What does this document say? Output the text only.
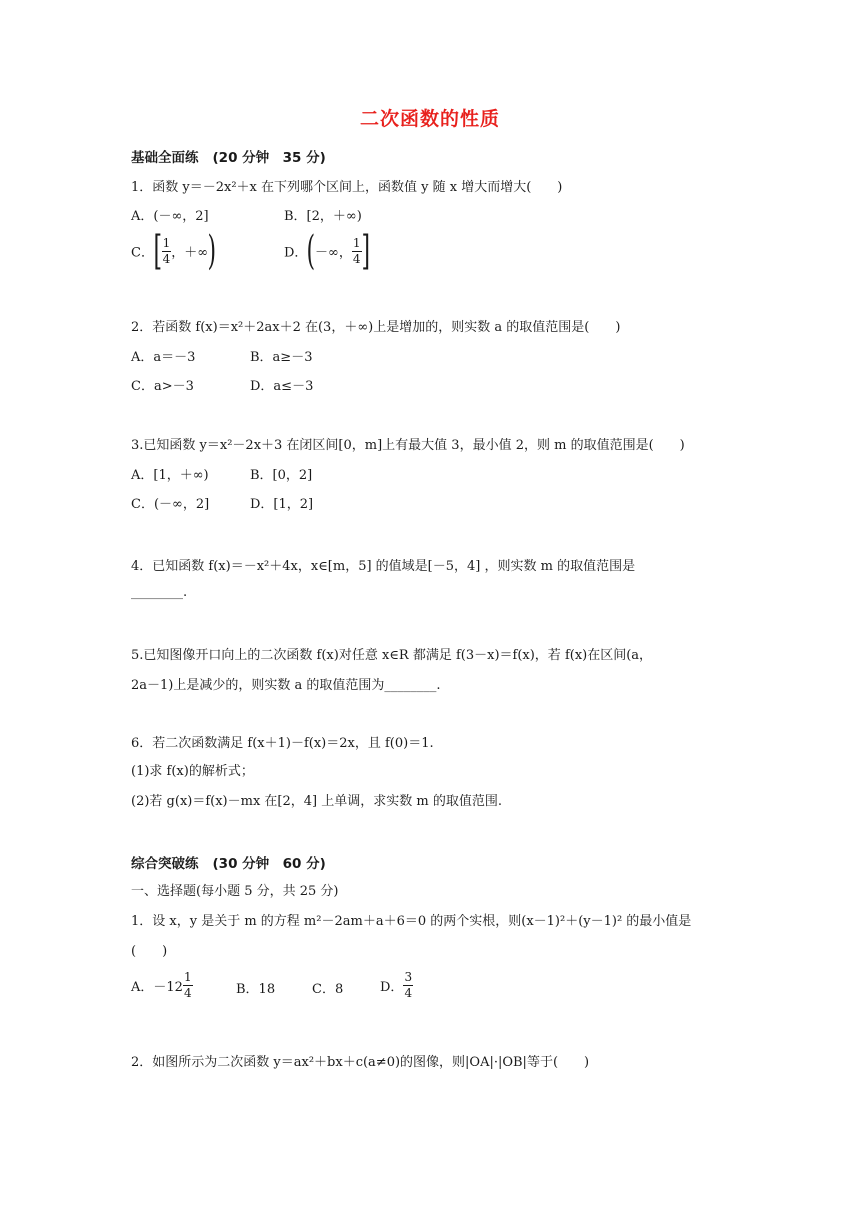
二次函数的性质
基础全面练 (20 分钟　35 分)
1．函数 y＝－2x²＋x 在下列哪个区间上，函数值 y 随 x 增大而增大(　　)
A．(－∞，2]	B．[2，＋∞)
C．[ $\frac{1}{4}$ ，＋∞)	D．(－∞， $\frac{1}{4}$ ]
2．若函数 f(x)＝x²＋2ax＋2 在(3，＋∞)上是增加的，则实数 a 的取值范围是(　　)
A．a＝－3	B．a≥－3
C．a>－3	D．a≤－3
3.已知函数 y＝x²－2x＋3 在闭区间[0，m]上有最大值 3，最小值 2，则 m 的取值范围是(　　)
A．[1，＋∞)	B．[0，2]
C．(－∞，2]	D．[1，2]
4．已知函数 f(x)＝－x²＋4x，x∈[m，5] 的值域是[－5，4] ，则实数 m 的取值范围是
________.
5.已知图像开口向上的二次函数 f(x)对任意 x∈R 都满足 f(3－x)＝f(x)，若 f(x)在区间(a，
2a－1)上是减少的，则实数 a 的取值范围为________.
6．若二次函数满足 f(x＋1)－f(x)＝2x，且 f(0)＝1.
(1)求 f(x)的解析式；
(2)若 g(x)＝f(x)－mx 在[2，4] 上单调，求实数 m 的取值范围.
综合突破练 (30 分钟　60 分)
一、选择题(每小题 5 分，共 25 分)
1．设 x，y 是关于 m 的方程 m²－2am＋a＋6＝0 的两个实根，则(x－1)²＋(y－1)² 的最小值是
(　　)
A．$-12 \frac{1}{4}$	B．18	C．8	D． $\frac{3}{4}$
2．如图所示为二次函数 y＝ax²＋bx＋c(a≠0)的图像，则|OA|·|OB|等于(　　)
